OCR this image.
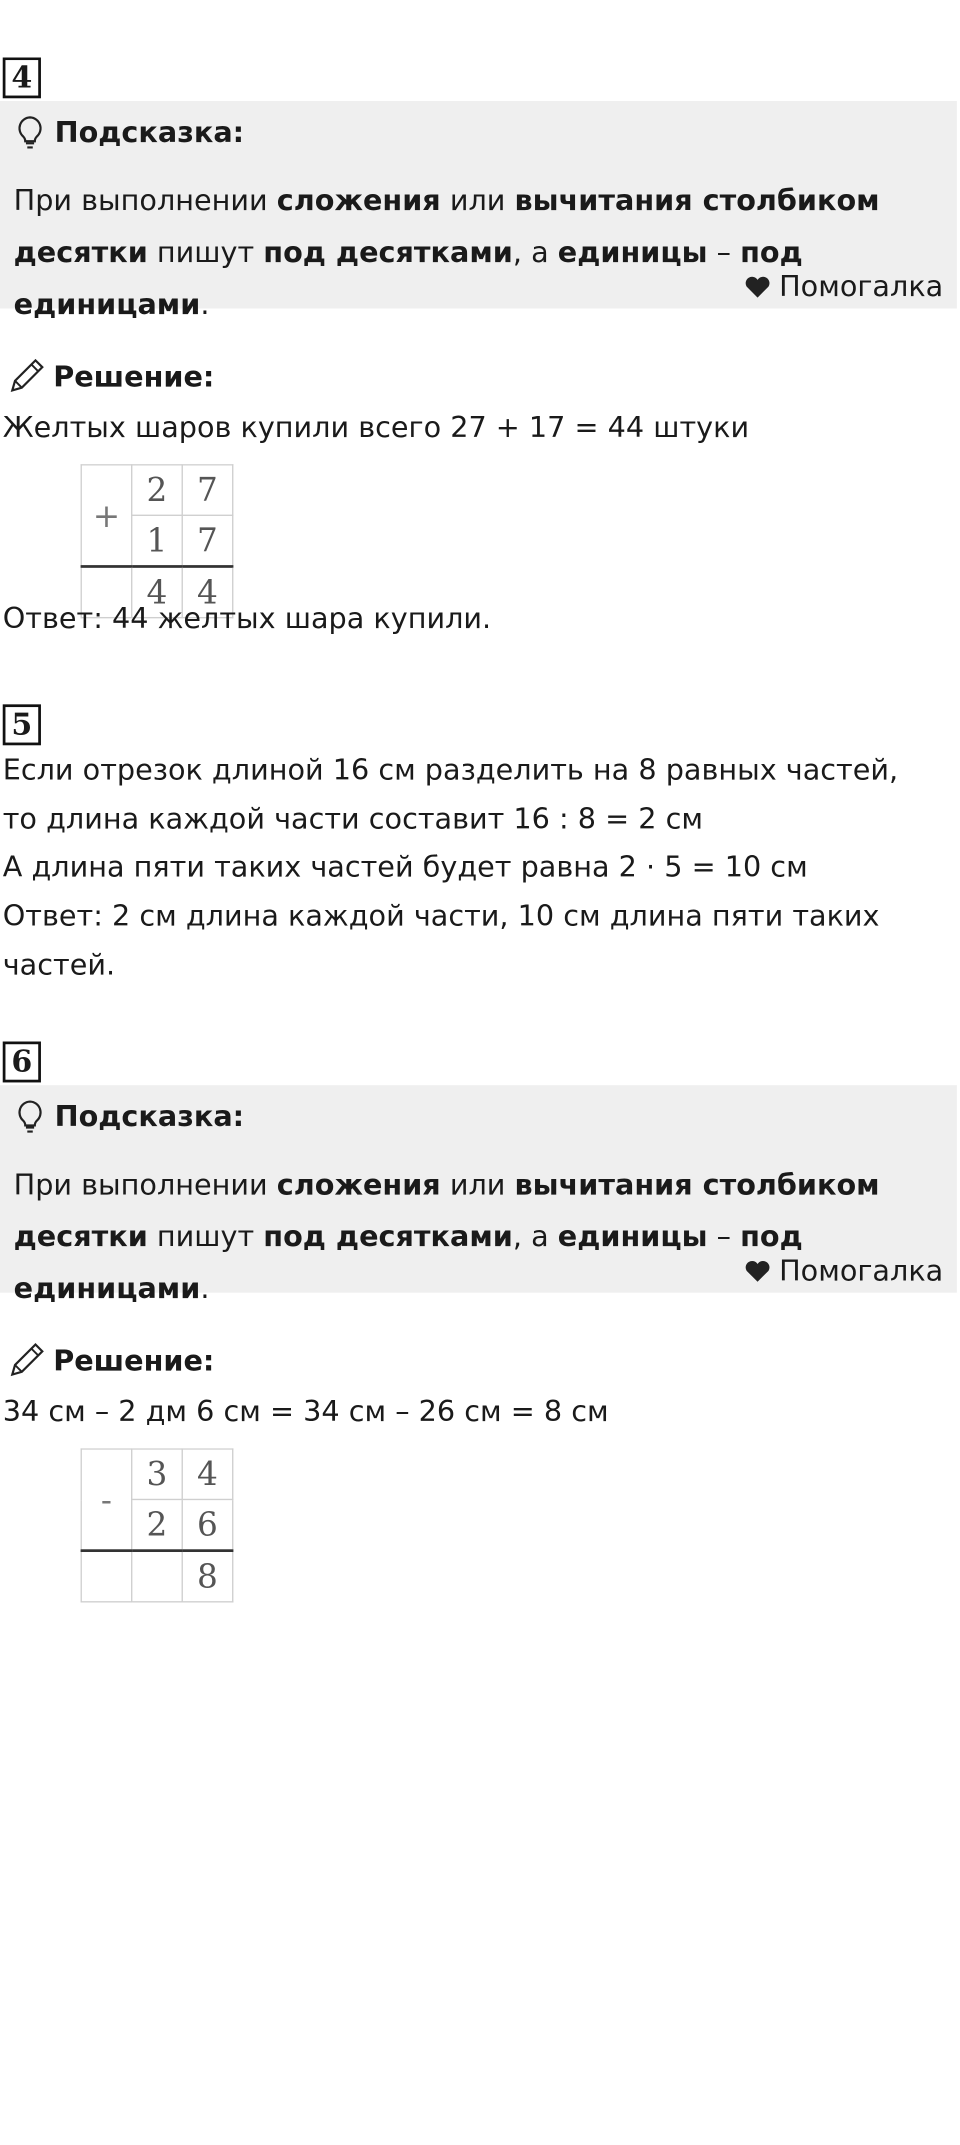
4
Подсказка:
При выполнении сложения или вычитания столбиком десятки пишут под десятками, а единицы – под единицами.
Помогалка
Решение:
Желтых шаров купили всего 27 + 17 = 44 штуки
+	2	7
	1	7
	4	4
Ответ: 44 желтых шара купили.
5
Если отрезок длиной 16 см разделить на 8 равных частей,
то длина каждой части составит 16 : 8 = 2 см
А длина пяти таких частей будет равна 2 · 5 = 10 см
Ответ: 2 см длина каждой части, 10 см длина пяти таких
частей.
6
Подсказка:
При выполнении сложения или вычитания столбиком десятки пишут под десятками, а единицы – под единицами.
Помогалка
Решение:
34 см – 2 дм 6 см = 34 см – 26 см = 8 см
-	3	4
	2	6
		8
